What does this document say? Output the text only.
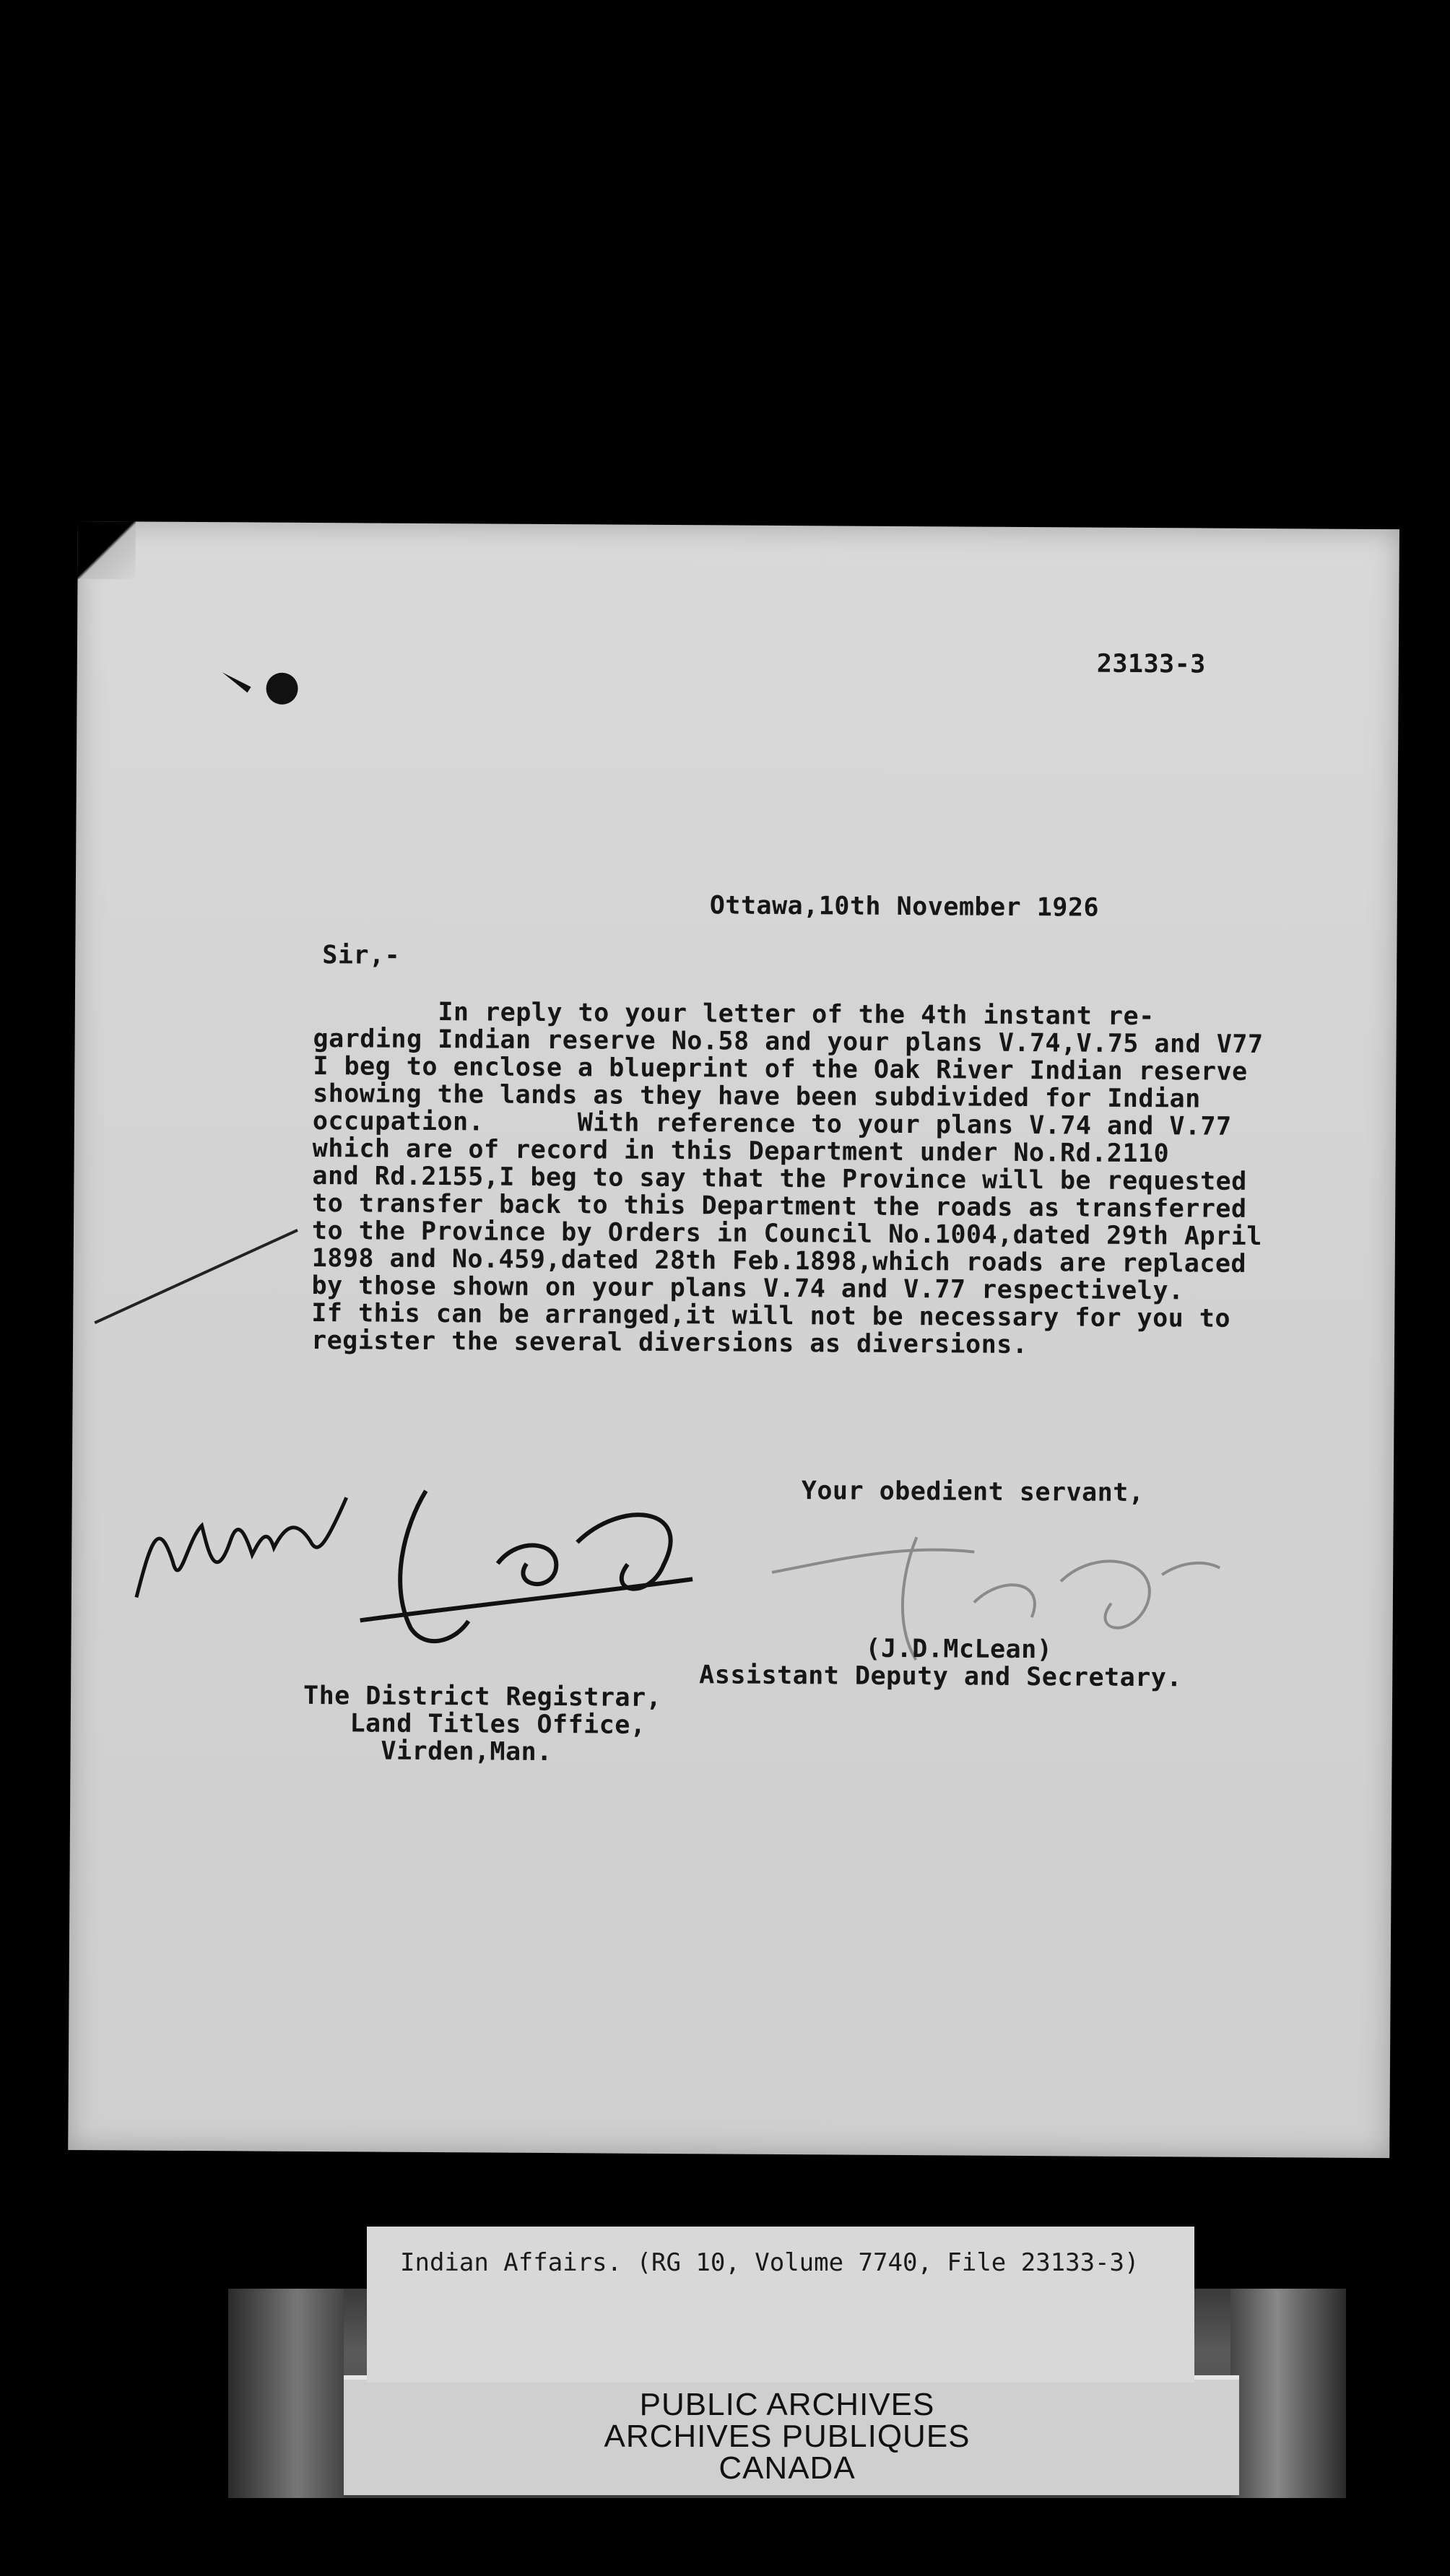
23133-3
Ottawa,10th November 1926
Sir,-
In reply to your letter of the 4th instant re-
garding Indian reserve No.58 and your plans V.74,V.75 and V77
I beg to enclose a blueprint of the Oak River Indian reserve
showing the lands as they have been subdivided for Indian
occupation.      With reference to your plans V.74 and V.77
which are of record in this Department under No.Rd.2110
and Rd.2155,I beg to say that the Province will be requested
to transfer back to this Department the roads as transferred
to the Province by Orders in Council No.1004,dated 29th April
1898 and No.459,dated 28th Feb.1898,which roads are replaced
by those shown on your plans V.74 and V.77 respectively.
If this can be arranged,it will not be necessary for you to
register the several diversions as diversions.
Your obedient servant,
(J.D.McLean)
Assistant Deputy and Secretary.
The District Registrar,
Land Titles Office,
Virden,Man.
PUBLIC ARCHIVES
ARCHIVES PUBLIQUES
CANADA
Indian Affairs. (RG 10, Volume 7740, File 23133-3)
